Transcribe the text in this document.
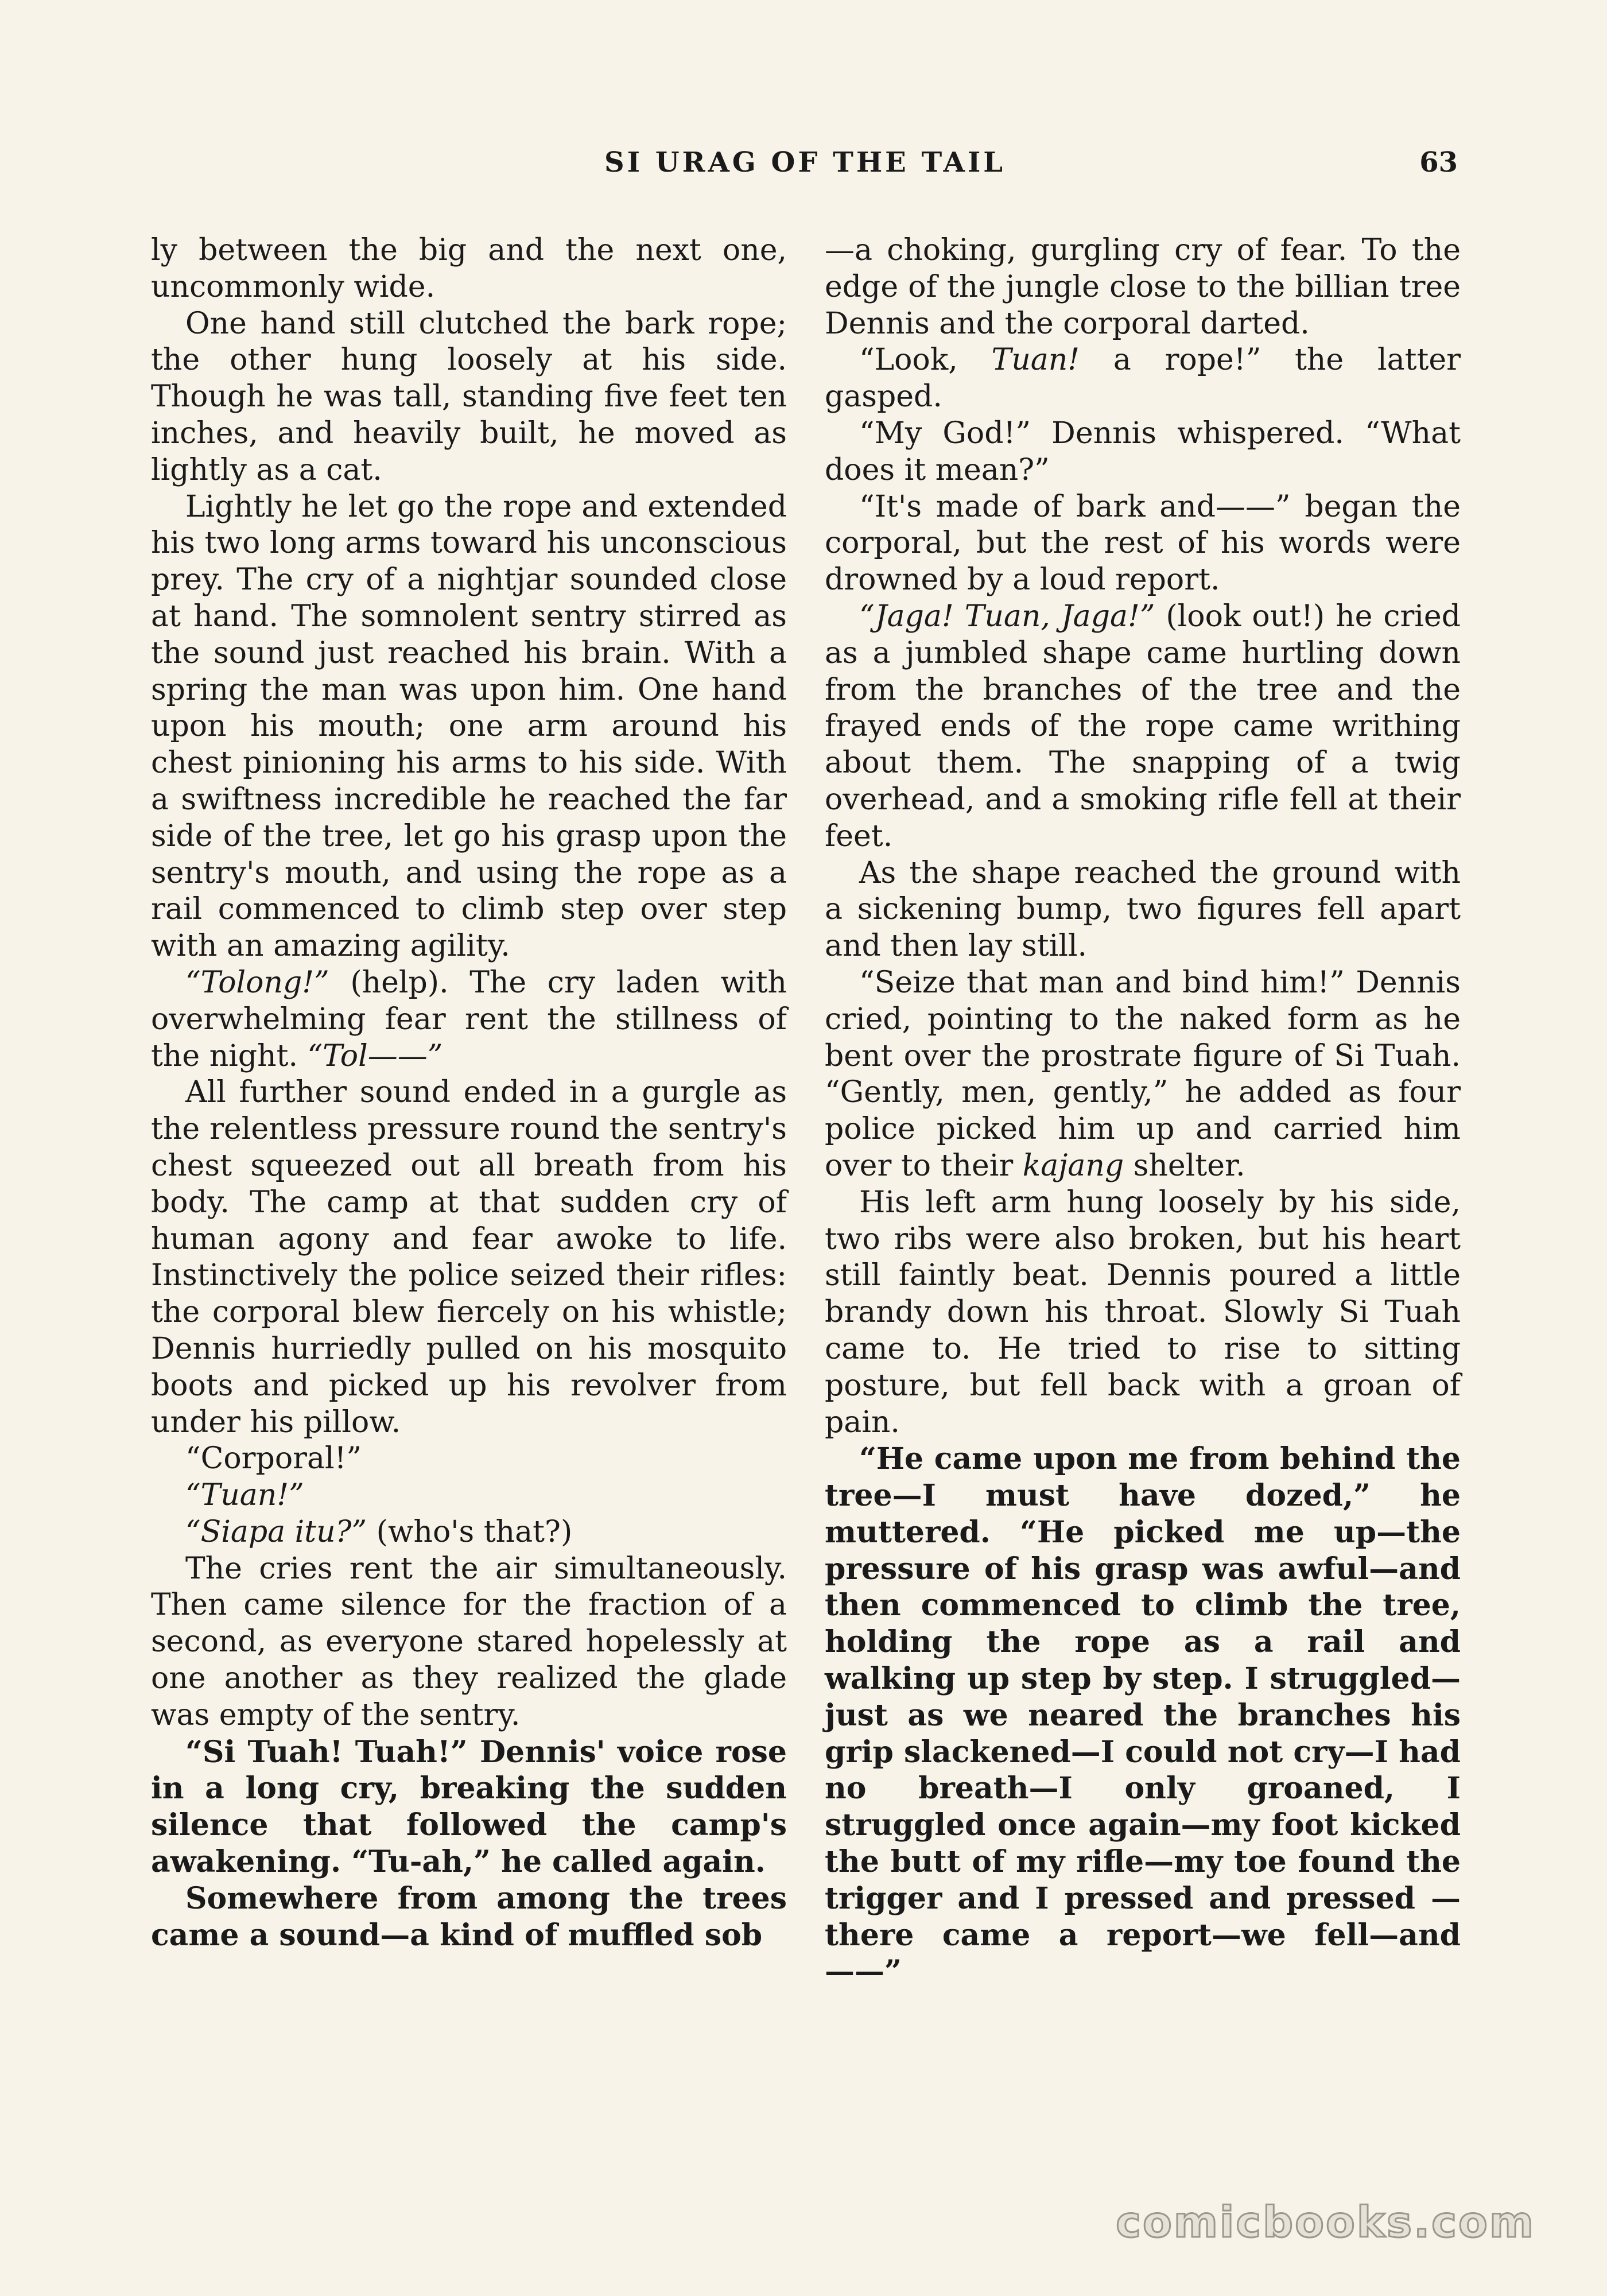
SI URAG OF THE TAIL	63

ly between the big and the next one, uncommonly wide.

One hand still clutched the bark rope; the other hung loosely at his side. Though he was tall, standing five feet ten inches, and heavily built, he moved as lightly as a cat.

Lightly he let go the rope and extended his two long arms toward his unconscious prey. The cry of a nightjar sounded close at hand. The somnolent sentry stirred as the sound just reached his brain. With a spring the man was upon him. One hand upon his mouth; one arm around his chest pinioning his arms to his side. With a swiftness incredible he reached the far side of the tree, let go his grasp upon the sentry's mouth, and using the rope as a rail commenced to climb step over step with an amazing agility.

“Tolong!” (help). The cry laden with overwhelming fear rent the stillness of the night. “Tol——”

All further sound ended in a gurgle as the relentless pressure round the sentry's chest squeezed out all breath from his body. The camp at that sudden cry of human agony and fear awoke to life. Instinctively the police seized their rifles: the corporal blew fiercely on his whistle; Dennis hurriedly pulled on his mosquito boots and picked up his revolver from under his pillow.

“Corporal!”

“Tuan!”

“Siapa itu?” (who's that?)

The cries rent the air simultaneously. Then came silence for the fraction of a second, as everyone stared hopelessly at one another as they realized the glade was empty of the sentry.

“Si Tuah! Tuah!” Dennis' voice rose in a long cry, breaking the sudden silence that followed the camp's awakening. “Tu-ah,” he called again.

Somewhere from among the trees came a sound—a kind of muffled sob

—a choking, gurgling cry of fear. To the edge of the jungle close to the billian tree Dennis and the corporal darted.

“Look, Tuan! a rope!” the latter gasped.

“My God!” Dennis whispered. “What does it mean?”

“It's made of bark and——” began the corporal, but the rest of his words were drowned by a loud report.

“Jaga! Tuan, Jaga!” (look out!) he cried as a jumbled shape came hurtling down from the branches of the tree and the frayed ends of the rope came writhing about them. The snapping of a twig overhead, and a smoking rifle fell at their feet.

As the shape reached the ground with a sickening bump, two figures fell apart and then lay still.

“Seize that man and bind him!” Dennis cried, pointing to the naked form as he bent over the prostrate figure of Si Tuah. “Gently, men, gently,” he added as four police picked him up and carried him over to their kajang shelter.

His left arm hung loosely by his side, two ribs were also broken, but his heart still faintly beat. Dennis poured a little brandy down his throat. Slowly Si Tuah came to. He tried to rise to sitting posture, but fell back with a groan of pain.

“He came upon me from behind the tree—I must have dozed,” he muttered. “He picked me up—the pressure of his grasp was awful—and then commenced to climb the tree, holding the rope as a rail and walking up step by step. I struggled—just as we neared the branches his grip slackened—I could not cry—I had no breath—I only groaned, I struggled once again—my foot kicked the butt of my rifle—my toe found the trigger and I pressed and pressed —there came a report—we fell—and——”

comicbooks.com
